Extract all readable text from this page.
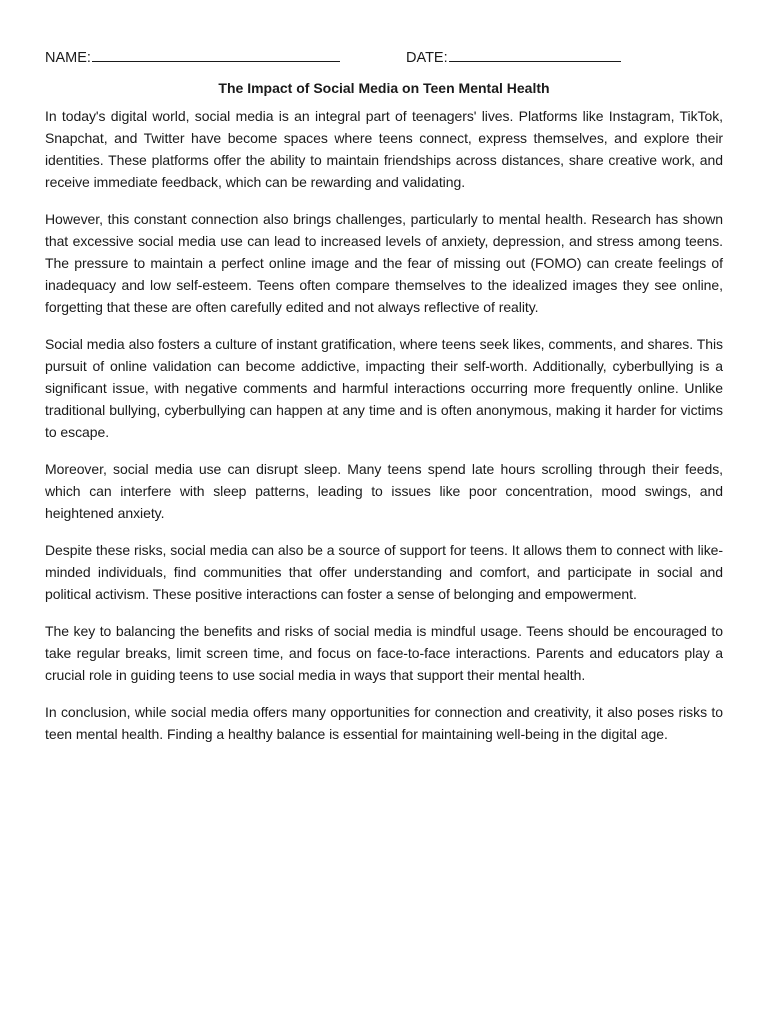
NAME:	DATE:
The Impact of Social Media on Teen Mental Health

In today's digital world, social media is an integral part of teenagers' lives. Platforms like Instagram, TikTok, Snapchat, and Twitter have become spaces where teens connect, express themselves, and explore their identities. These platforms offer the ability to maintain friendships across distances, share creative work, and receive immediate feedback, which can be rewarding and validating.

However, this constant connection also brings challenges, particularly to mental health. Research has shown that excessive social media use can lead to increased levels of anxiety, depression, and stress among teens. The pressure to maintain a perfect online image and the fear of missing out (FOMO) can create feelings of inadequacy and low self-esteem. Teens often compare themselves to the idealized images they see online, forgetting that these are often carefully edited and not always reflective of reality.

Social media also fosters a culture of instant gratification, where teens seek likes, comments, and shares. This pursuit of online validation can become addictive, impacting their self-worth. Additionally, cyberbullying is a significant issue, with negative comments and harmful interactions occurring more frequently online. Unlike traditional bullying, cyberbullying can happen at any time and is often anonymous, making it harder for victims to escape.

Moreover, social media use can disrupt sleep. Many teens spend late hours scrolling through their feeds, which can interfere with sleep patterns, leading to issues like poor concentration, mood swings, and heightened anxiety.

Despite these risks, social media can also be a source of support for teens. It allows them to connect with like-minded individuals, find communities that offer understanding and comfort, and participate in social and political activism. These positive interactions can foster a sense of belonging and empowerment.

The key to balancing the benefits and risks of social media is mindful usage. Teens should be encouraged to take regular breaks, limit screen time, and focus on face-to-face interactions. Parents and educators play a crucial role in guiding teens to use social media in ways that support their mental health.

In conclusion, while social media offers many opportunities for connection and creativity, it also poses risks to teen mental health. Finding a healthy balance is essential for maintaining well-being in the digital age.
